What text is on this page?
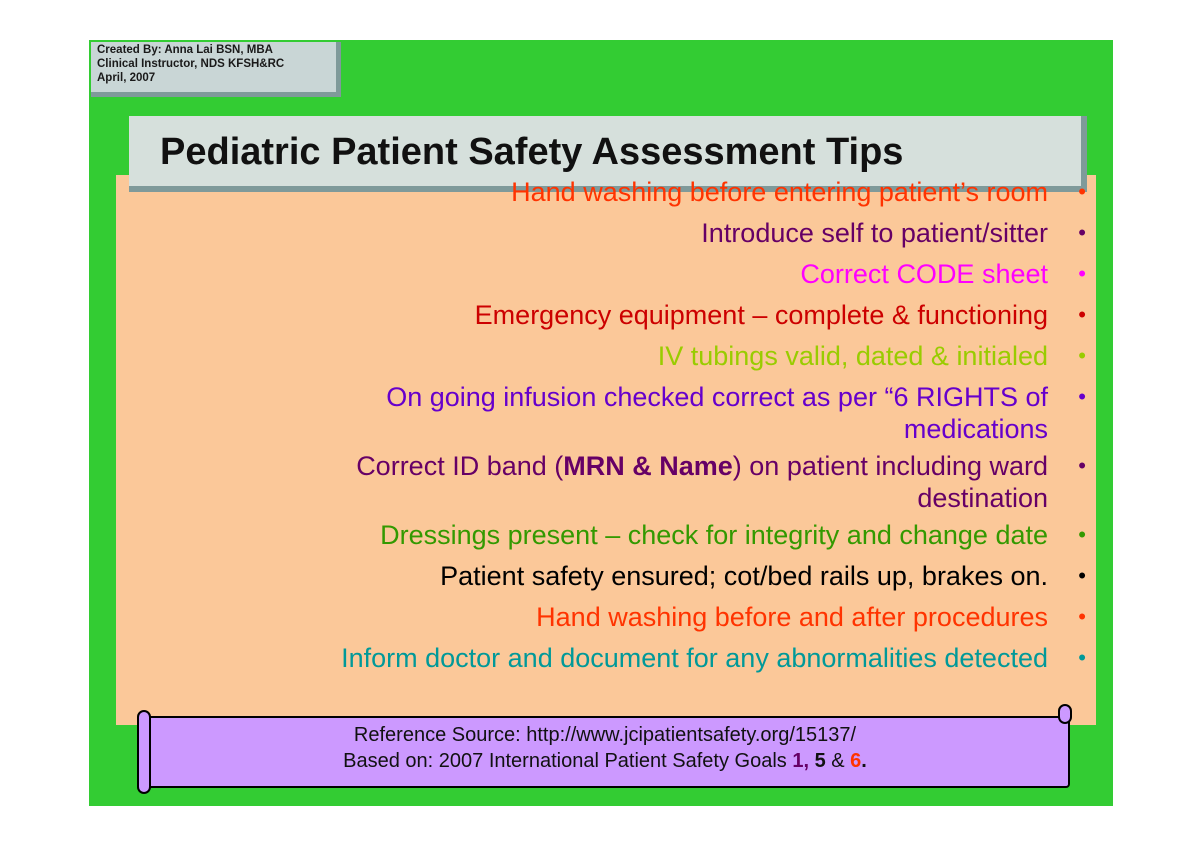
Created By: Anna Lai BSN, MBA
Clinical Instructor, NDS KFSH&RC
April, 2007
Pediatric Patient Safety Assessment Tips
Hand washing before entering patient’s room •
Introduce self to patient/sitter •
Correct CODE sheet •
Emergency equipment – complete & functioning •
IV tubings valid, dated & initialed •
On going infusion checked correct as per “6 RIGHTS of
medications
•
Correct ID band (MRN & Name) on patient including ward
destination
•
Dressings present – check for integrity and change date •
Patient safety ensured; cot/bed rails up, brakes on. •
Hand washing before and after procedures •
Inform doctor and document for any abnormalities detected •
Reference Source: http://www.jcipatientsafety.org/15137/
Based on: 2007 International Patient Safety Goals 1, 5 & 6.
